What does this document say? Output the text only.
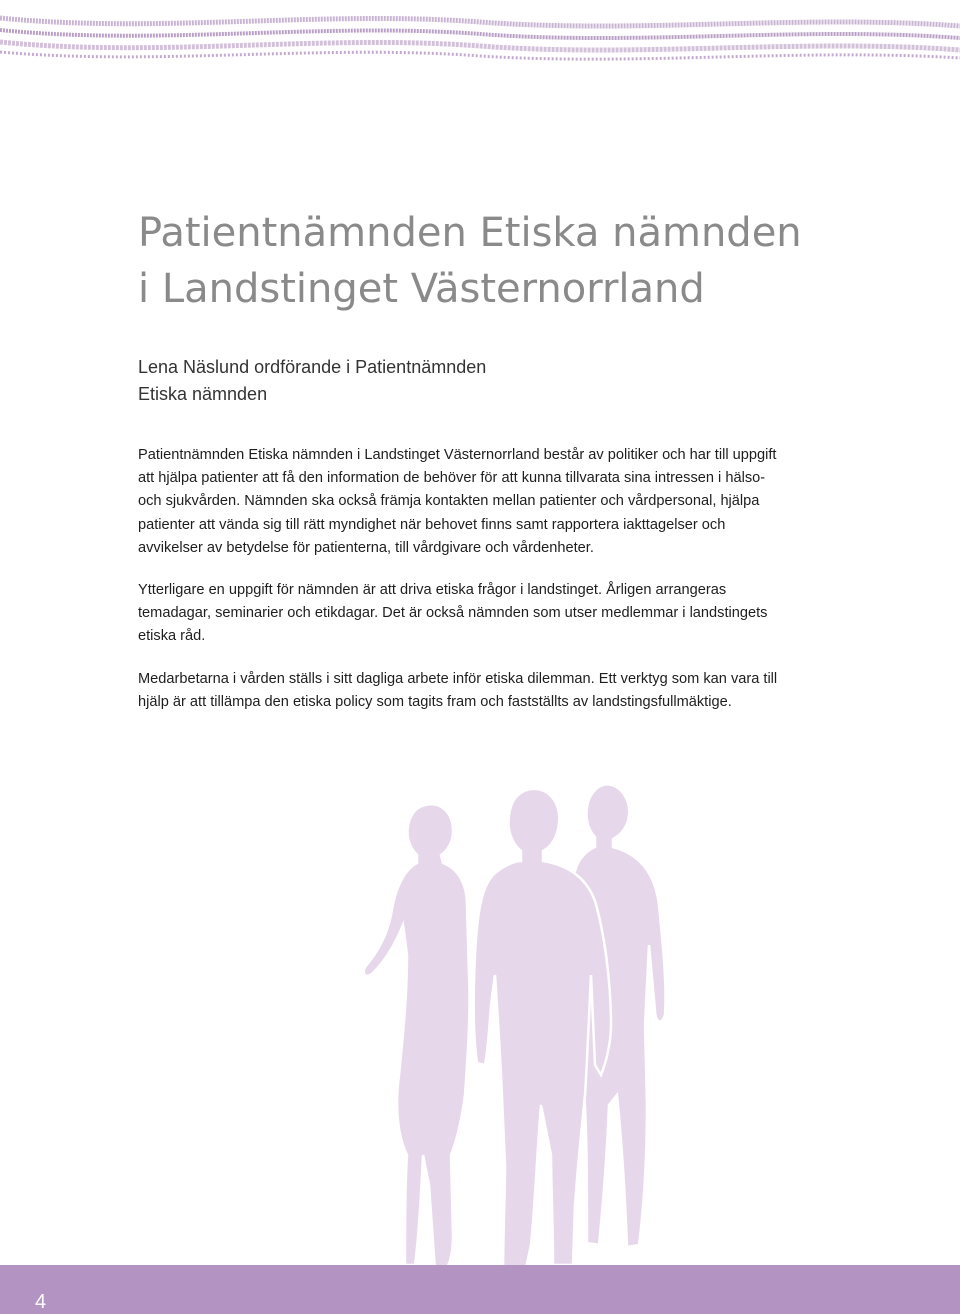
Patientnämnden Etiska nämnden
i Landstinget Västernorrland
Lena Näslund ordförande i Patientnämnden
Etiska nämnden

Patientnämnden Etiska nämnden i Landstinget Västernorrland består av politiker och har till uppgift att hjälpa patienter att få den information de behöver för att kunna tillvarata sina intressen i hälso- och sjukvården. Nämnden ska också främja kontakten mellan patienter och vårdpersonal, hjälpa patienter att vända sig till rätt myndighet när behovet finns samt rapportera iakttagelser och avvikelser av betydelse för patienterna, till vårdgivare och vårdenheter.

Ytterligare en uppgift för nämnden är att driva etiska frågor i landstinget. Årligen arrangeras temadagar, seminarier och etikdagar. Det är också nämnden som utser medlemmar i landstingets etiska råd.

Medarbetarna i vården ställs i sitt dagliga arbete inför etiska dilemman. Ett verktyg som kan vara till hjälp är att tillämpa den etiska policy som tagits fram och fastställts av landstingsfullmäktige.

4
